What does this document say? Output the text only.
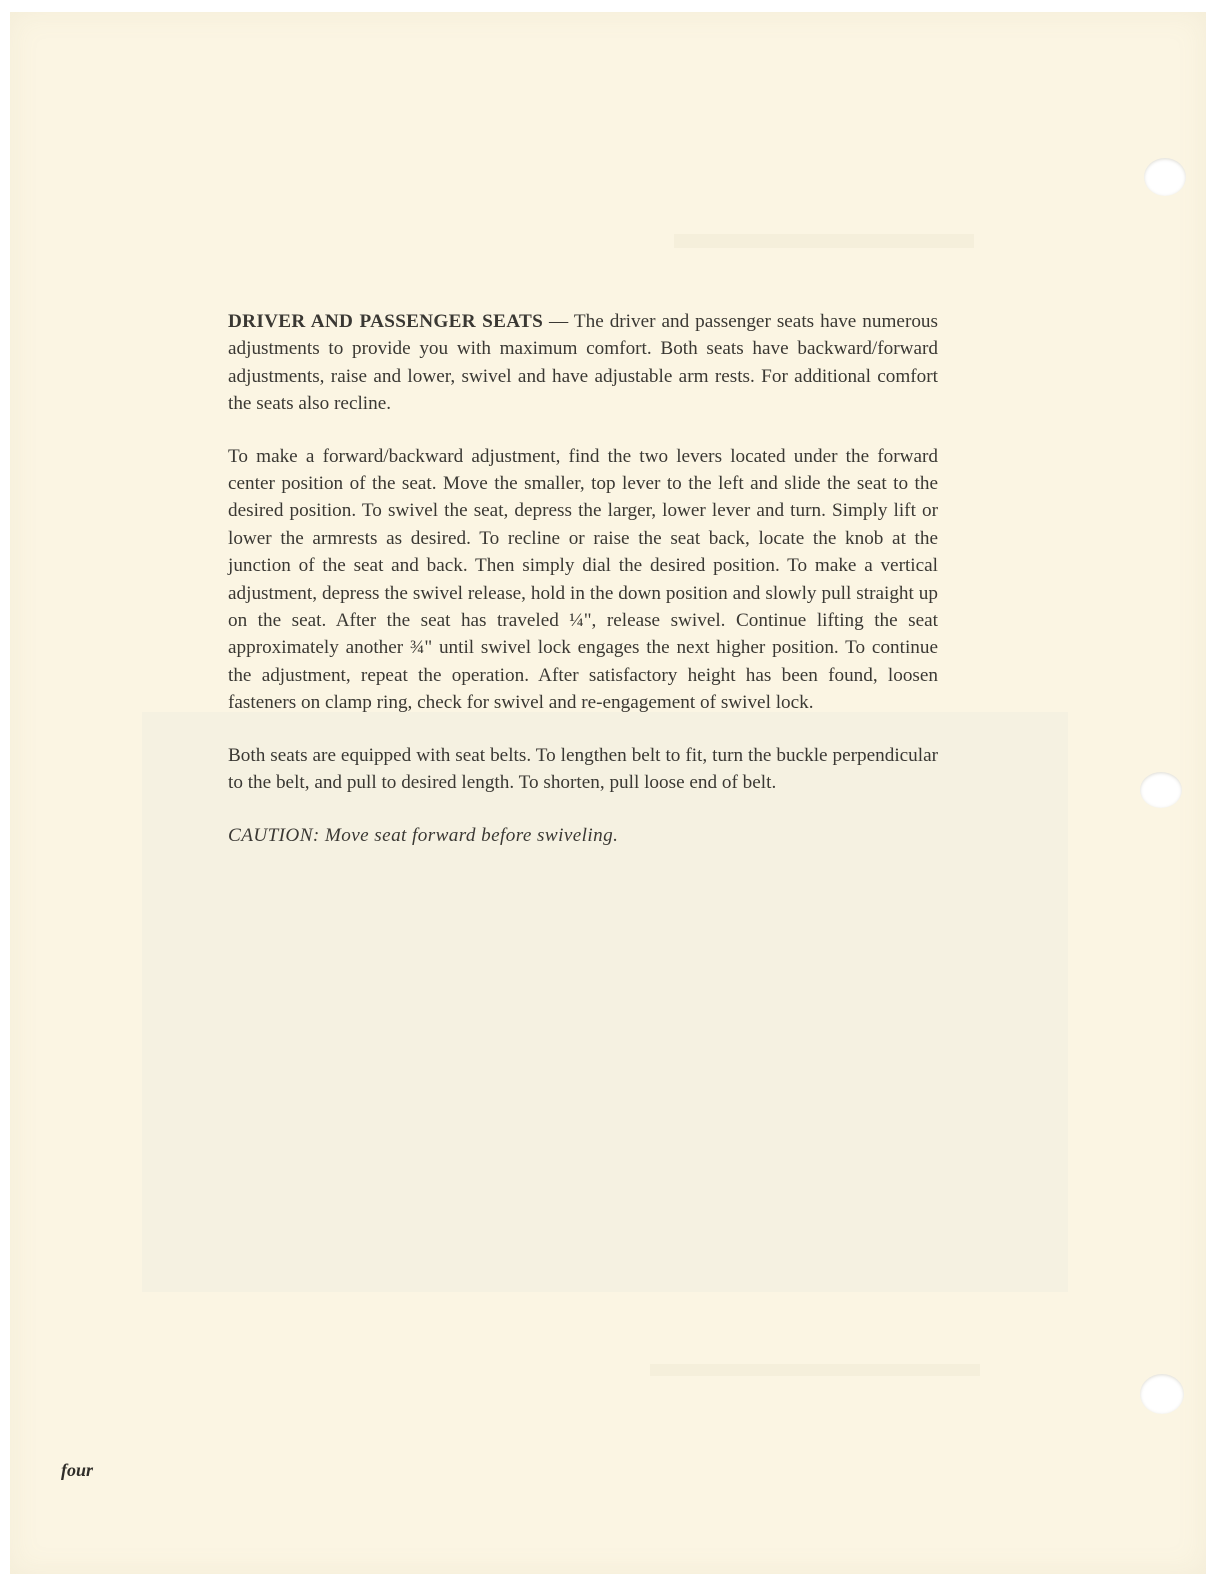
DRIVER AND PASSENGER SEATS — The driver and passenger seats have numerous adjustments to provide you with maximum comfort. Both seats have backward/forward adjustments, raise and lower, swivel and have adjustable arm rests. For additional comfort the seats also recline.

To make a forward/backward adjustment, find the two levers located under the forward center position of the seat. Move the smaller, top lever to the left and slide the seat to the desired position. To swivel the seat, depress the larger, lower lever and turn. Simply lift or lower the armrests as desired. To recline or raise the seat back, locate the knob at the junction of the seat and back. Then simply dial the desired position. To make a vertical adjustment, depress the swivel release, hold in the down position and slowly pull straight up on the seat. After the seat has traveled ¼", release swivel. Continue lifting the seat approximately another ¾" until swivel lock engages the next higher position. To continue the adjustment, repeat the operation. After satisfactory height has been found, loosen fasteners on clamp ring, check for swivel and re-engagement of swivel lock.

Both seats are equipped with seat belts. To lengthen belt to fit, turn the buckle perpendicular to the belt, and pull to desired length. To shorten, pull loose end of belt.

CAUTION: Move seat forward before swiveling.

four
